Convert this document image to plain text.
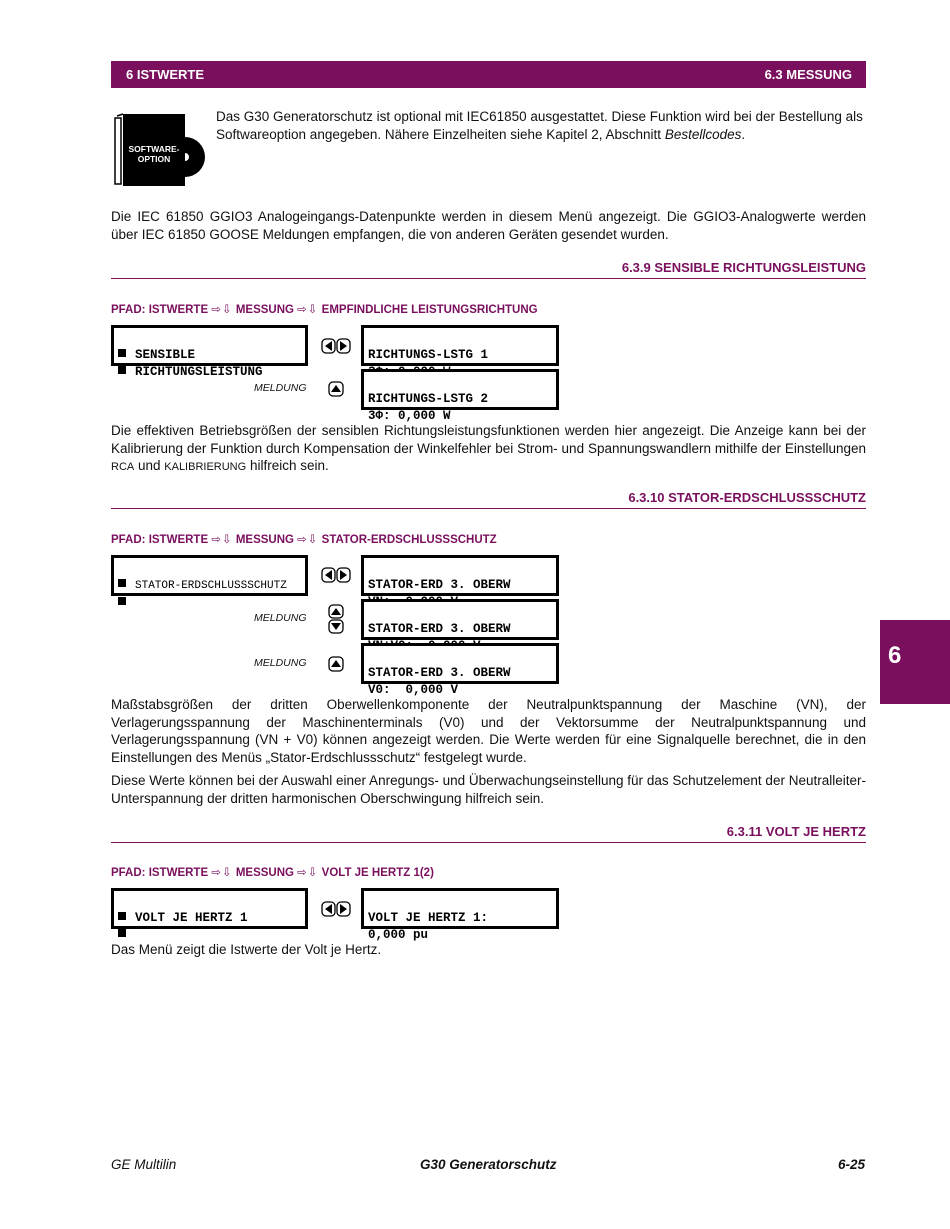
6 ISTWERTE	6.3 MESSUNG
SOFTWARE-
OPTION
Das G30 Generatorschutz ist optional mit IEC61850 ausgestattet. Diese Funktion wird bei der Bestellung als Softwareoption angegeben. Nähere Einzelheiten siehe Kapitel 2, Abschnitt Bestellcodes.
Die IEC 61850 GGIO3 Analogeingangs-Datenpunkte werden in diesem Menü angezeigt. Die GGIO3-Analogwerte werden über IEC 61850 GOOSE Meldungen empfangen, die von anderen Geräten gesendet wurden.
6.3.9 SENSIBLE RICHTUNGSLEISTUNG
PFAD: ISTWERTE ⇨⇩ MESSUNG ⇨⇩ EMPFINDLICHE LEISTUNGSRICHTUNG

SENSIBLE
RICHTUNGSLEISTUNG

RICHTUNGS-LSTG 1

MELDUNG

RICHTUNGS-LSTG 2
3Φ: 0,000 W

Die effektiven Betriebsgrößen der sensiblen Richtungsleistungsfunktionen werden hier angezeigt. Die Anzeige kann bei der Kalibrierung der Funktion durch Kompensation der Winkelfehler bei Strom- und Spannungswandlern mithilfe der Einstellungen RCA und KALIBRIERUNG hilfreich sein.
6.3.10 STATOR-ERDSCHLUSSSCHUTZ
PFAD: ISTWERTE ⇨⇩ MESSUNG ⇨⇩ STATOR-ERDSCHLUSSSCHUTZ

STATOR-ERDSCHLUSSSCHUTZ	STATOR-ERD 3. OBERW

MELDUNG

STATOR-ERD 3. OBERW

MELDUNG

STATOR-ERD 3. OBERW
V0:  0,000 V

Maßstabsgrößen der dritten Oberwellenkomponente der Neutralpunktspannung der Maschine (VN), der Verlagerungsspannung der Maschinenterminals (V0) und der Vektorsumme der Neutralpunktspannung und Verlagerungsspannung (VN + V0) können angezeigt werden. Die Werte werden für eine Signalquelle berechnet, die in den Einstellungen des Menüs „Stator-Erdschlussschutz“ festgelegt wurde.
Diese Werte können bei der Auswahl einer Anregungs- und Überwachungseinstellung für das Schutzelement der Neutralleiter-Unterspannung der dritten harmonischen Oberschwingung hilfreich sein.
6.3.11 VOLT JE HERTZ
PFAD: ISTWERTE ⇨⇩ MESSUNG ⇨⇩ VOLT JE HERTZ 1(2)

VOLT JE HERTZ 1	VOLT JE HERTZ 1:
0,000 pu

Das Menü zeigt die Istwerte der Volt je Hertz.
6
GE Multilin	G30 Generatorschutz	6-25
